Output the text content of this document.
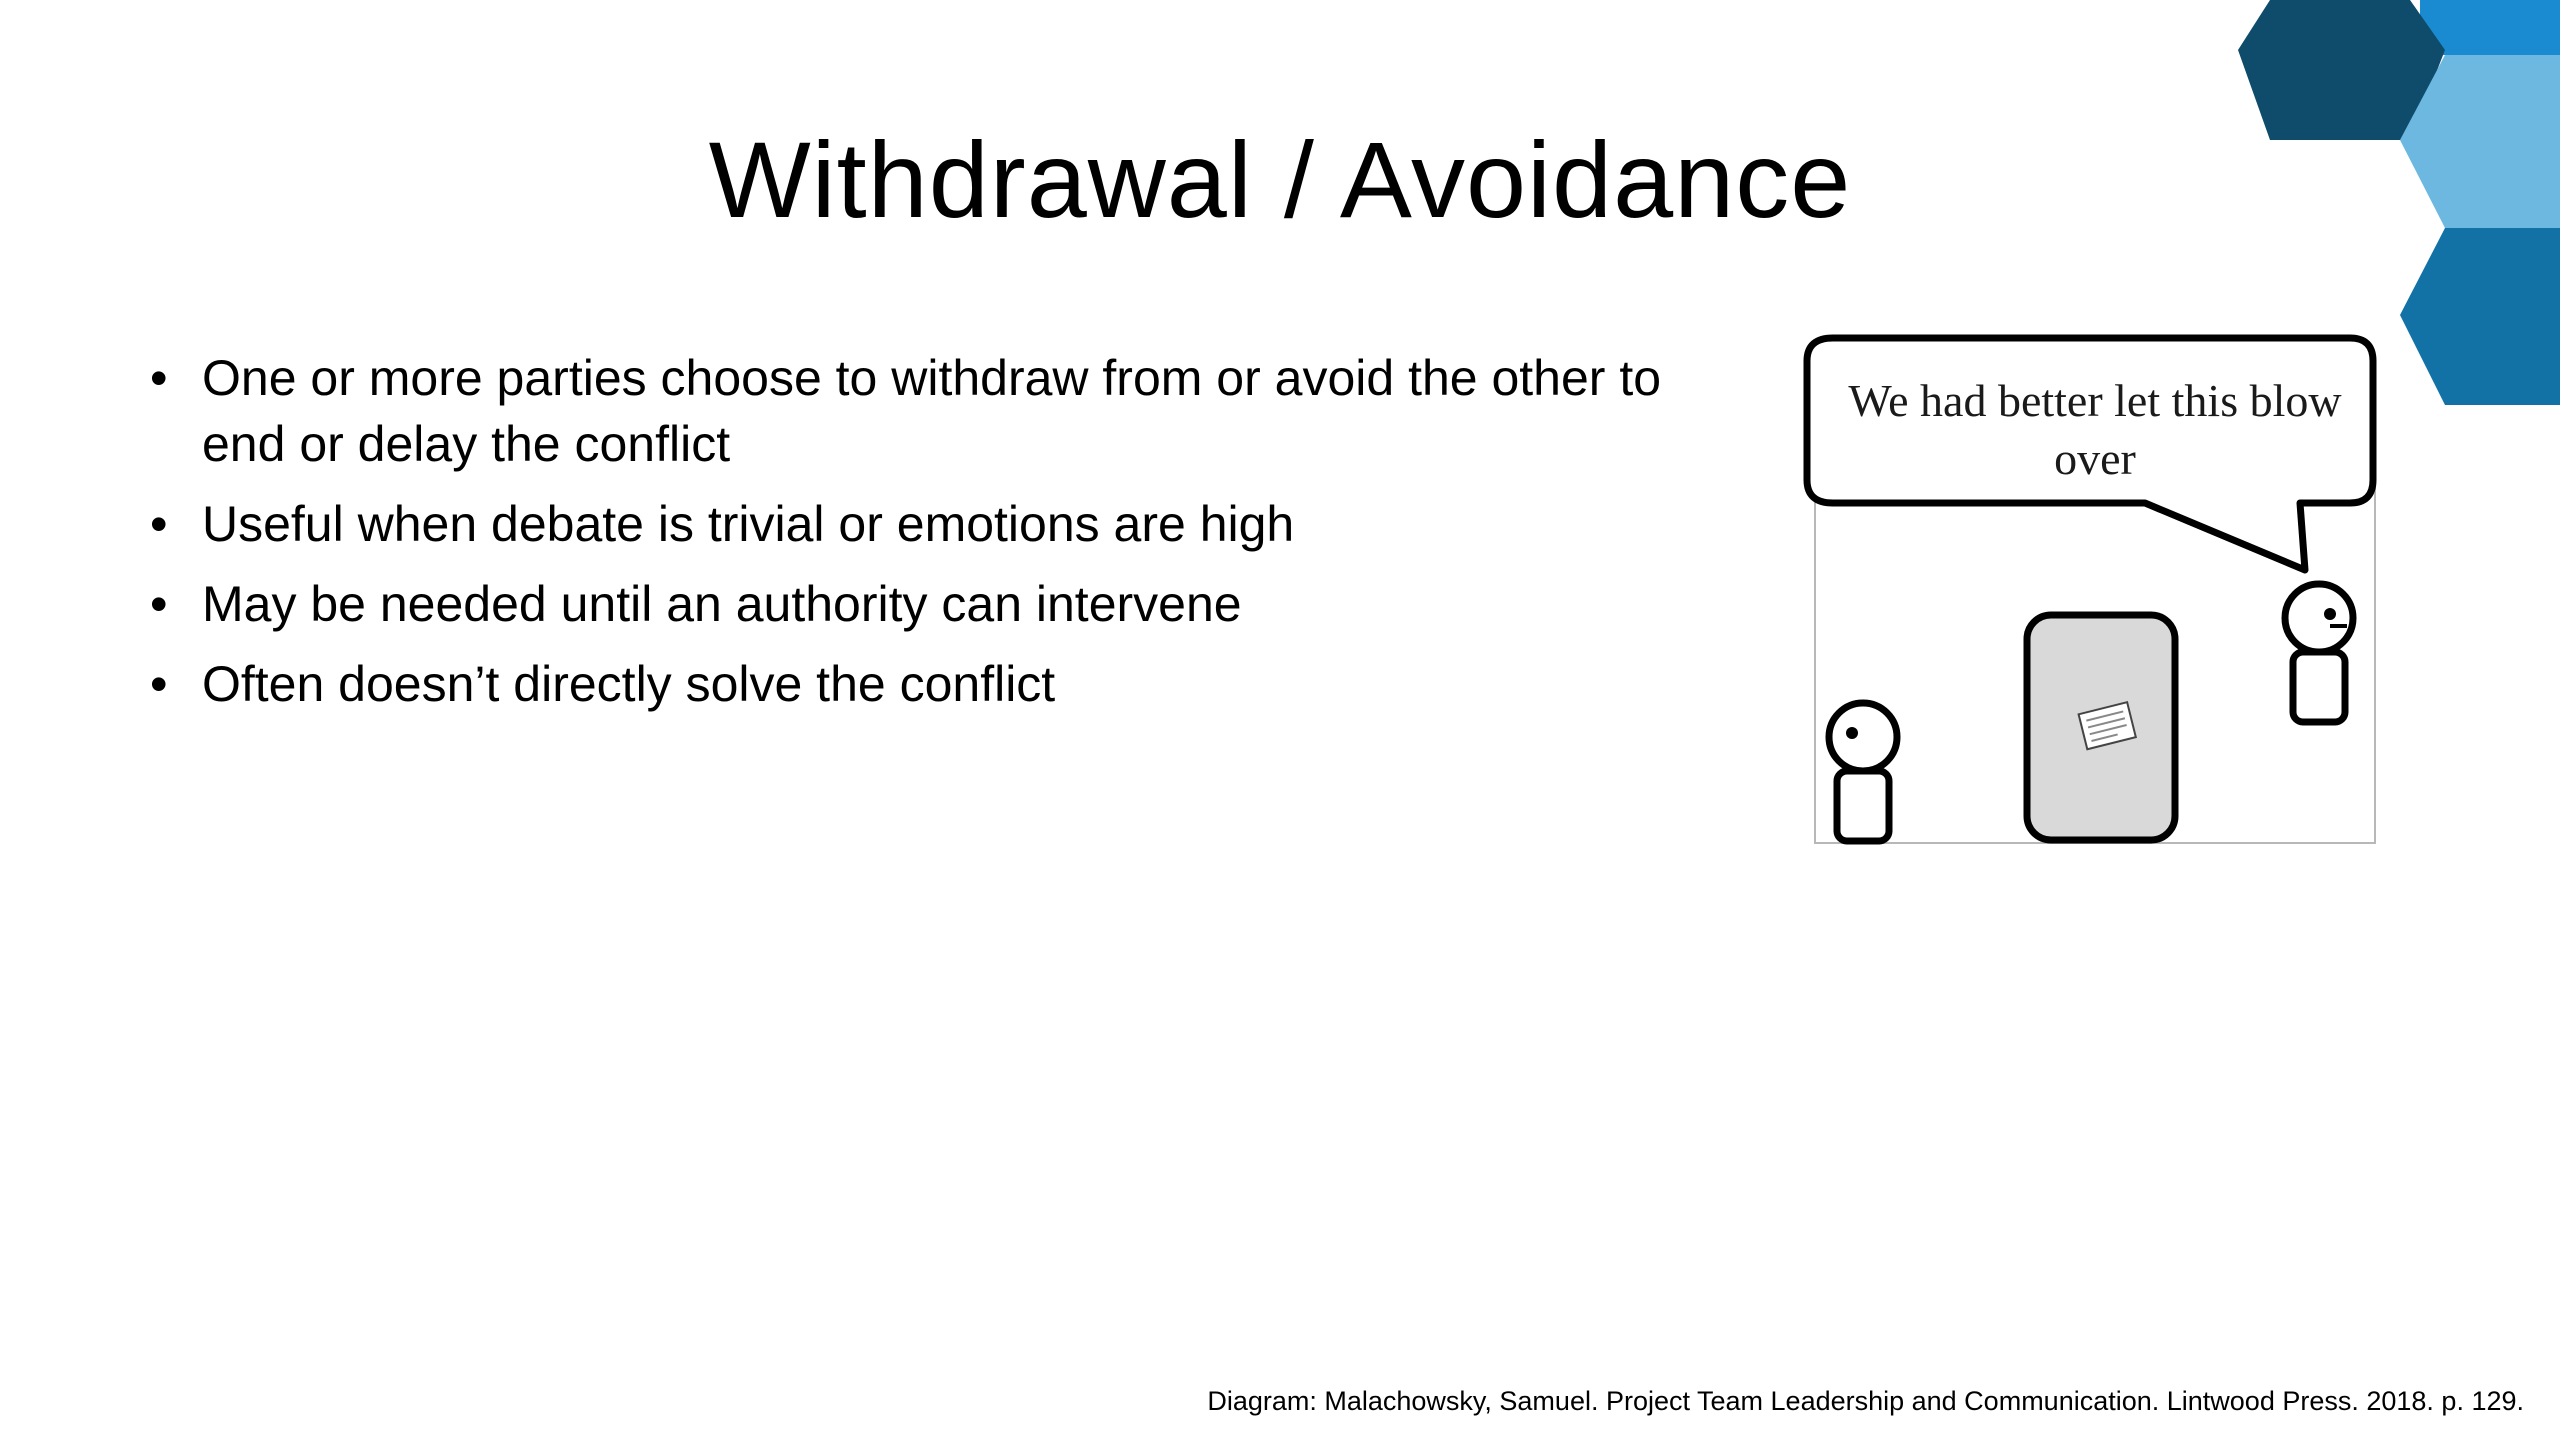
Withdrawal / Avoidance
• One or more parties choose to withdraw from or avoid the other to end or delay the conflict
• Useful when debate is trivial or emotions are high
• May be needed until an authority can intervene
• Often doesn’t directly solve the conflict
We had better let this blow over
Diagram: Malachowsky, Samuel. Project Team Leadership and Communication. Lintwood Press. 2018. p. 129.
